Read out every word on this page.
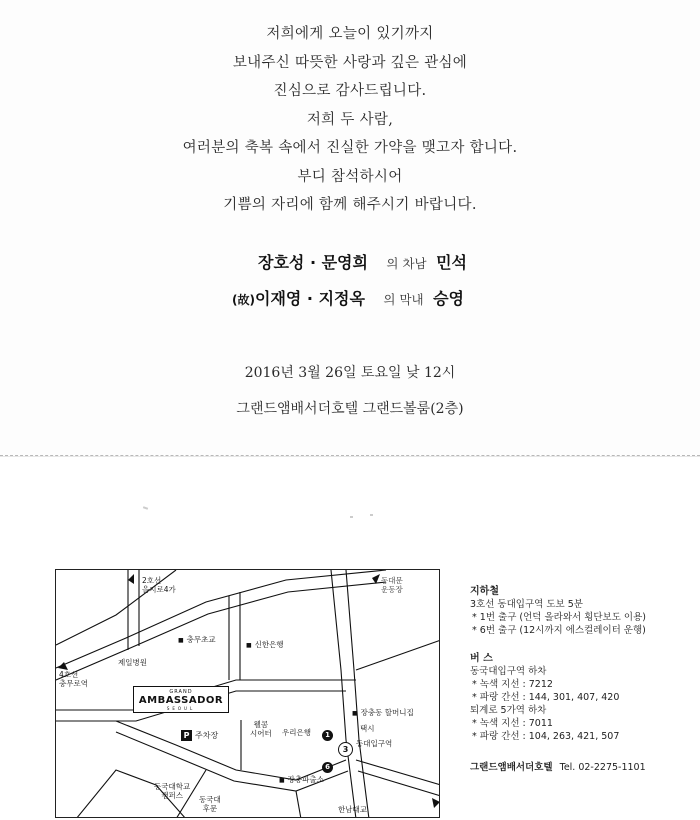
저희에게 오늘이 있기까지
보내주신 따뜻한 사랑과 깊은 관심에
진심으로 감사드립니다.
저희 두 사람,
여러분의 축복 속에서 진실한 가약을 맺고자 합니다.
부디 참석하시어
기쁨의 자리에 함께 해주시기 바랍니다.
장호성 · 문영희 의 차남 민석
(故)이재영 · 지정옥 의 막내 승영
2016년 3월 26일 토요일 낮 12시
그랜드앰배서더호텔 그랜드볼룸(2층)
2호선
을지로4가
동대문
운동장
4호선
충무로역
제일병원
■ 충무초교
■ 신한은행
■ 장충동 할머니집
택시
웰콤
시어터 우리은행
동대입구역
■ 장충파출소
동국대학교
캠퍼스	동국대
후문	한남대교
GRAND
AMBASSADOR
SEOUL
P 주차장	1
3
6
지하철
3호선 동대입구역 도보 5분
* 1번 출구 (언덕 올라와서 횡단보도 이용)
* 6번 출구 (12시까지 에스컬레이터 운행)
버 스
동국대입구역 하차
* 녹색 지선 : 7212
* 파랑 간선 : 144, 301, 407, 420
퇴계로 5가역 하차
* 녹색 지선 : 7011
* 파랑 간선 : 104, 263, 421, 507
그랜드앰배서더호텔 Tel. 02-2275-1101
